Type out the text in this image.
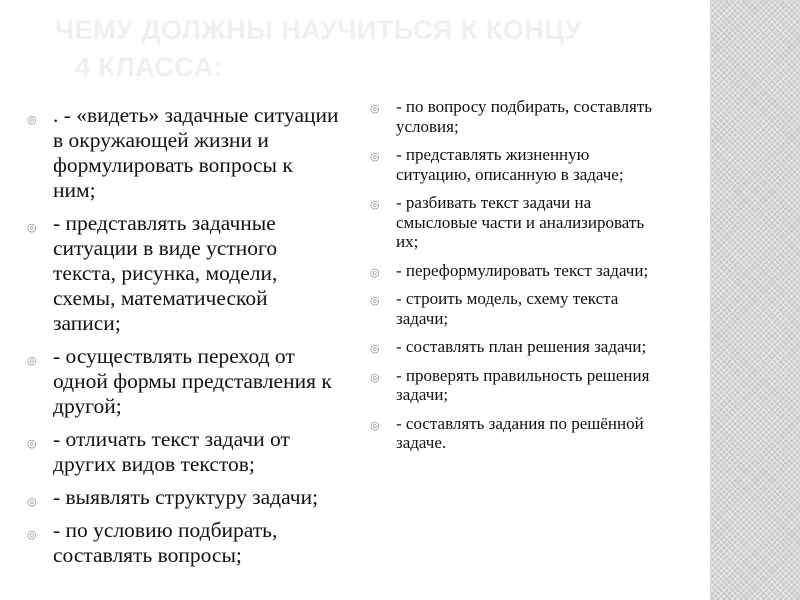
ЧЕМУ ДОЛЖНЫ НАУЧИТЬСЯ К КОНЦУ
4 КЛАССА:
◎ . - «видеть» задачные ситуации в окружающей жизни и формулировать вопросы к ним;
◎ - представлять задачные ситуации в виде устного текста, рисунка, модели, схемы, математической записи;
◎ - осуществлять переход от одной формы представления к другой;
◎ - отличать текст задачи от других видов текстов;
◎ - выявлять структуру задачи;
◎ - по условию подбирать, составлять вопросы;
◎ - по вопросу подбирать, составлять условия;
◎ - представлять жизненную ситуацию, описанную в задаче;
◎ - разбивать текст задачи на смысловые части и анализировать их;
◎ - переформулировать текст задачи;
◎ - строить модель, схему текста задачи;
◎ - составлять план решения задачи;
◎ - проверять правильность решения задачи;
◎ - составлять задания по решённой задаче.
